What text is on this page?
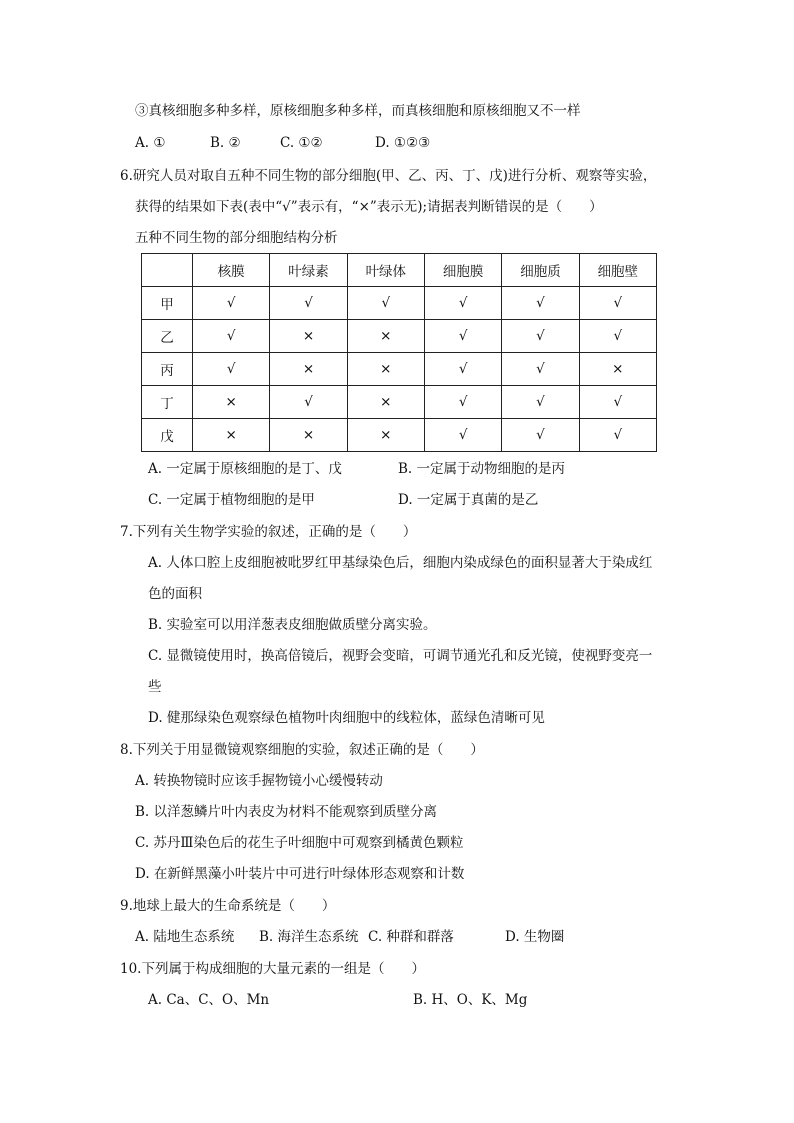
③真核细胞多种多样，原核细胞多种多样，而真核细胞和原核细胞又不一样
A. ①	B. ②	C. ①②	D. ①②③
6.研究人员对取自五种不同生物的部分细胞(甲、乙、丙、丁、戊)进行分析、观察等实验，
获得的结果如下表(表中“√”表示有，“×”表示无);请据表判断错误的是（　　）
五种不同生物的部分细胞结构分析
	核膜	叶绿素	叶绿体	细胞膜	细胞质	细胞壁
甲	√	√	√	√	√	√
乙	√	×	×	√	√	√
丙	√	×	×	√	√	×
丁	×	√	×	√	√	√
戊	×	×	×	√	√	√
A. 一定属于原核细胞的是丁、戊	B. 一定属于动物细胞的是丙
C. 一定属于植物细胞的是甲	D. 一定属于真菌的是乙
7.下列有关生物学实验的叙述，正确的是（　　）
A. 人体口腔上皮细胞被吡罗红甲基绿染色后，细胞内染成绿色的面积显著大于染成红
色的面积
B. 实验室可以用洋葱表皮细胞做质壁分离实验。
C. 显微镜使用时，换高倍镜后，视野会变暗，可调节通光孔和反光镜，使视野变亮一
些
D. 健那绿染色观察绿色植物叶肉细胞中的线粒体，蓝绿色清晰可见
8.下列关于用显微镜观察细胞的实验，叙述正确的是（　　）
A. 转换物镜时应该手握物镜小心缓慢转动
B. 以洋葱鳞片叶内表皮为材料不能观察到质壁分离
C. 苏丹Ⅲ染色后的花生子叶细胞中可观察到橘黄色颗粒
D. 在新鲜黑藻小叶装片中可进行叶绿体形态观察和计数
9.地球上最大的生命系统是（　　）
A. 陆地生态系统 B. 海洋生态系统 C. 种群和群落	D. 生物圈
10.下列属于构成细胞的大量元素的一组是（　　）
A. Ca、C、O、Mn	B. H、O、K、Mg
